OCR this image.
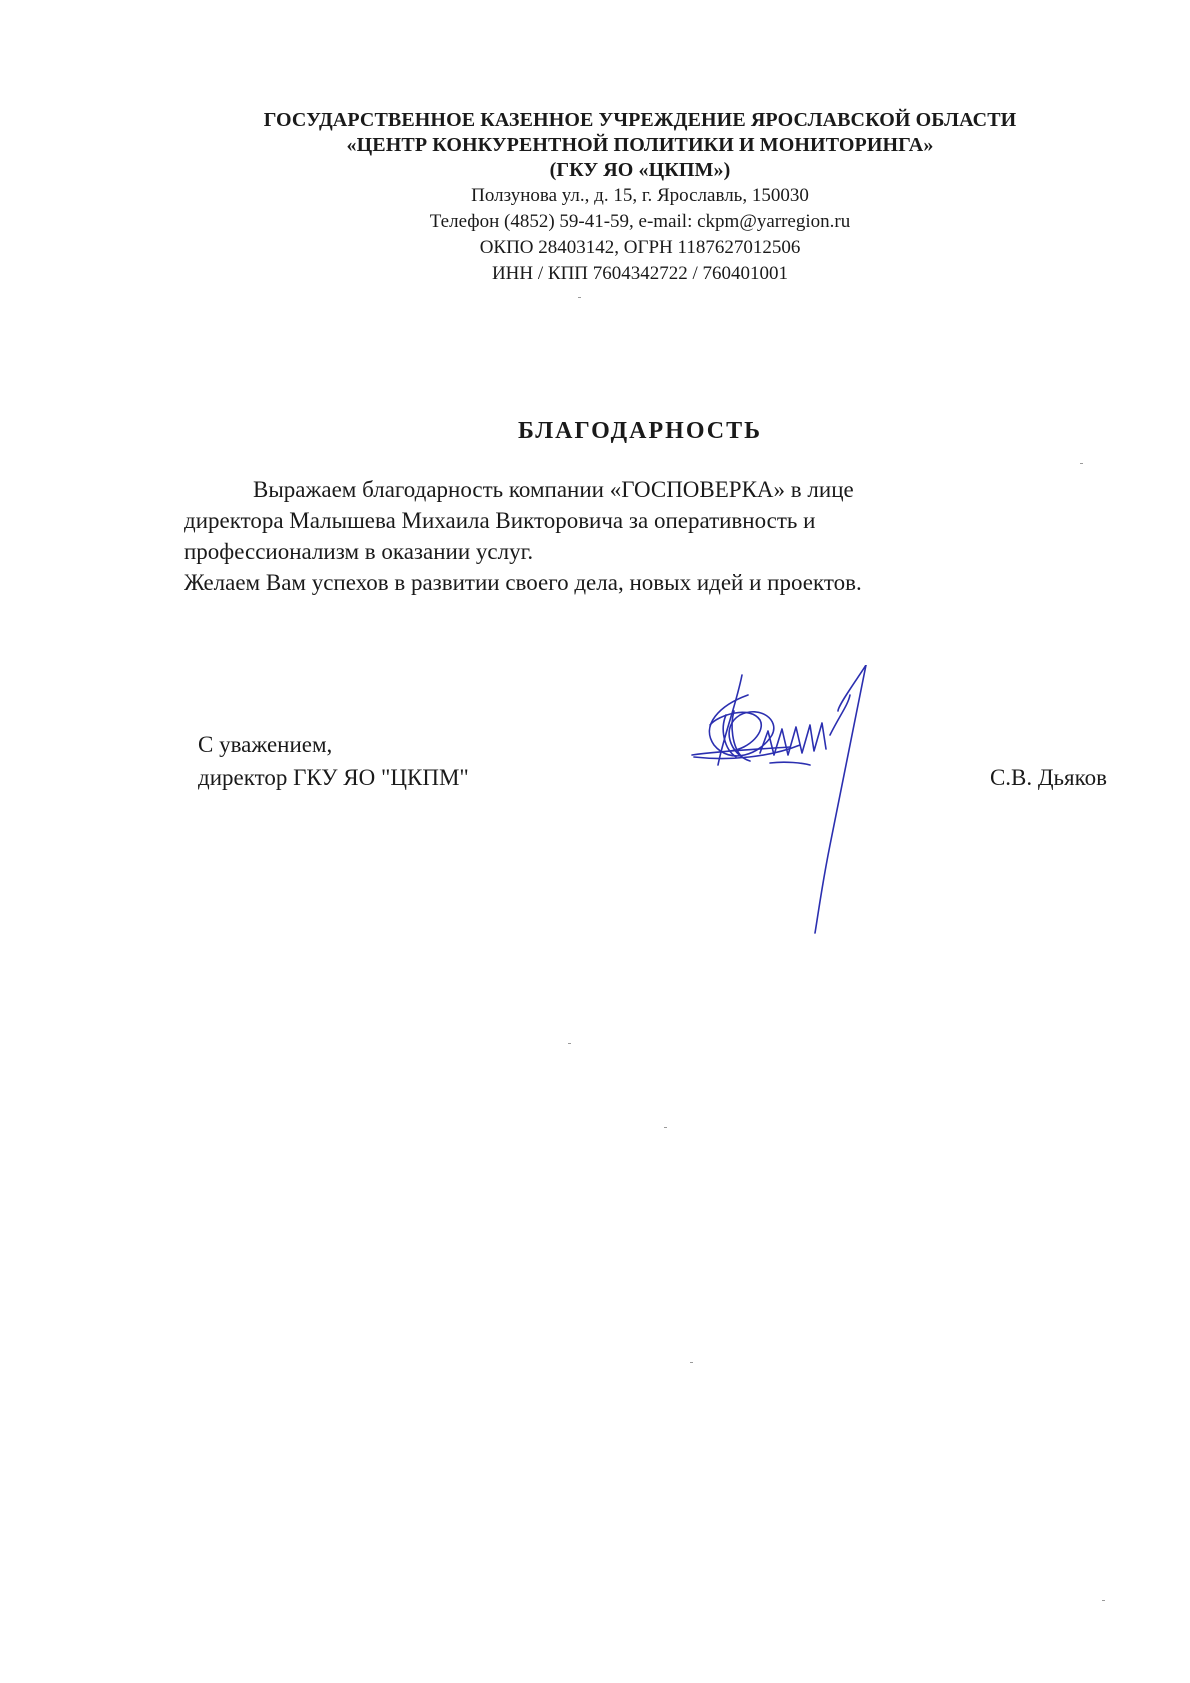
ГОСУДАРСТВЕННОЕ КАЗЕННОЕ УЧРЕЖДЕНИЕ ЯРОСЛАВСКОЙ ОБЛАСТИ
«ЦЕНТР КОНКУРЕНТНОЙ ПОЛИТИКИ И МОНИТОРИНГА»
(ГКУ ЯО «ЦКПМ»)
Ползунова ул., д. 15, г. Ярославль, 150030
Телефон (4852) 59-41-59, e-mail: ckpm@yarregion.ru
ОКПО 28403142, ОГРН 1187627012506
ИНН / КПП 7604342722 / 760401001
БЛАГОДАРНОСТЬ
Выражаем благодарность компании «ГОСПОВЕРКА» в лице
директора Малышева Михаила Викторовича за оперативность и
профессионализм в оказании услуг.
Желаем Вам успехов в развитии своего дела, новых идей и проектов.
С уважением,
директор ГКУ ЯО "ЦКПМ"	С.В. Дьяков
